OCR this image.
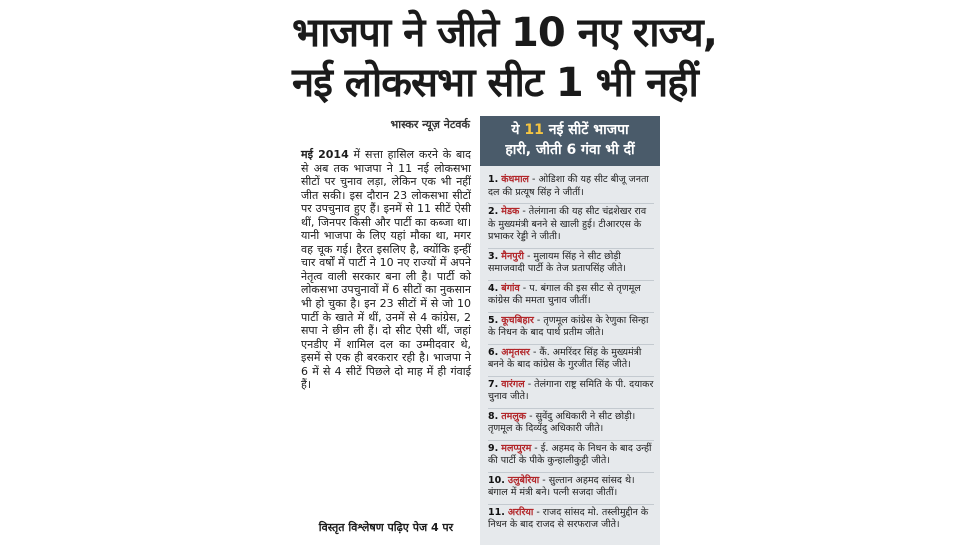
भाजपा ने जीते 10 नए राज्य,
नई लोकसभा सीट 1 भी नहीं
भास्कर न्यूज़ नेटवर्क

मई 2014 में सत्ता हासिल करने के बाद से अब तक भाजपा ने 11 नई लोकसभा सीटों पर चुनाव लड़ा, लेकिन एक भी नहीं जीत सकी। इस दौरान 23 लोकसभा सीटों पर उपचुनाव हुए हैं। इनमें से 11 सीटें ऐसी थीं, जिनपर किसी और पार्टी का कब्जा था। यानी भाजपा के लिए यहां मौका था, मगर वह चूक गई। हैरत इसलिए है, क्योंकि इन्हीं चार वर्षों में पार्टी ने 10 नए राज्यों में अपने नेतृत्व वाली सरकार बना ली है। पार्टी को लोकसभा उपचुनावों में 6 सीटों का नुकसान भी हो चुका है। इन 23 सीटों में से जो 10 पार्टी के खाते में थीं, उनमें से 4 कांग्रेस, 2 सपा ने छीन ली हैं। दो सीट ऐसी थीं, जहां एनडीए में शामिल दल का उम्मीदवार थे, इसमें से एक ही बरकरार रही है। भाजपा ने 6 में से 4 सीटें पिछले दो माह में ही गंवाई हैं।

विस्तृत विश्लेषण पढ़िए पेज 4 पर
ये 11 नई सीटें भाजपा
हारी, जीती 6 गंवा भी दीं
1. कंधमाल - ओडिशा की यह सीट बीजू जनता दल की प्रत्यूष सिंह ने जीतीं।
2. मेडक - तेलंगाना की यह सीट चंद्रशेखर राव के मुख्यमंत्री बनने से खाली हुई। टीआरएस के प्रभाकर रेड्डी ने जीती।
3. मैनपुरी - मुलायम सिंह ने सीट छोड़ी समाजवादी पार्टी के तेज प्रतापसिंह जीते।
4. बंगांव - प. बंगाल की इस सीट से तृणमूल कांग्रेस की ममता चुनाव जीतीं।
5. कूचबिहार - तृणमूल कांग्रेस के रेणुका सिन्हा के निधन के बाद पार्थ प्रतीम जीते।
6. अमृतसर - कैं. अमरिंदर सिंह के मुख्यमंत्री बनने के बाद कांग्रेस के गुरजीत सिंह जीते।
7. वारंगल - तेलंगाना राष्ट्र समिति के पी. दयाकर चुनाव जीते।
8. तमलुक - सुवेंदु अधिकारी ने सीट छोड़ी। तृणमूल के दिव्येंदु अधिकारी जीते।
9. मलप्पुरम - ई. अहमद के निधन के बाद उन्हीं की पार्टी के पीके कुन्हालीकुट्टी जीते।
10. उलुबेरिया - सुल्तान अहमद सांसद थे। बंगाल में मंत्री बने। पत्नी सजदा जीतीं।
11. अररिया - राजद सांसद मो. तस्लीमुद्दीन के निधन के बाद राजद से सरफराज जीते।
